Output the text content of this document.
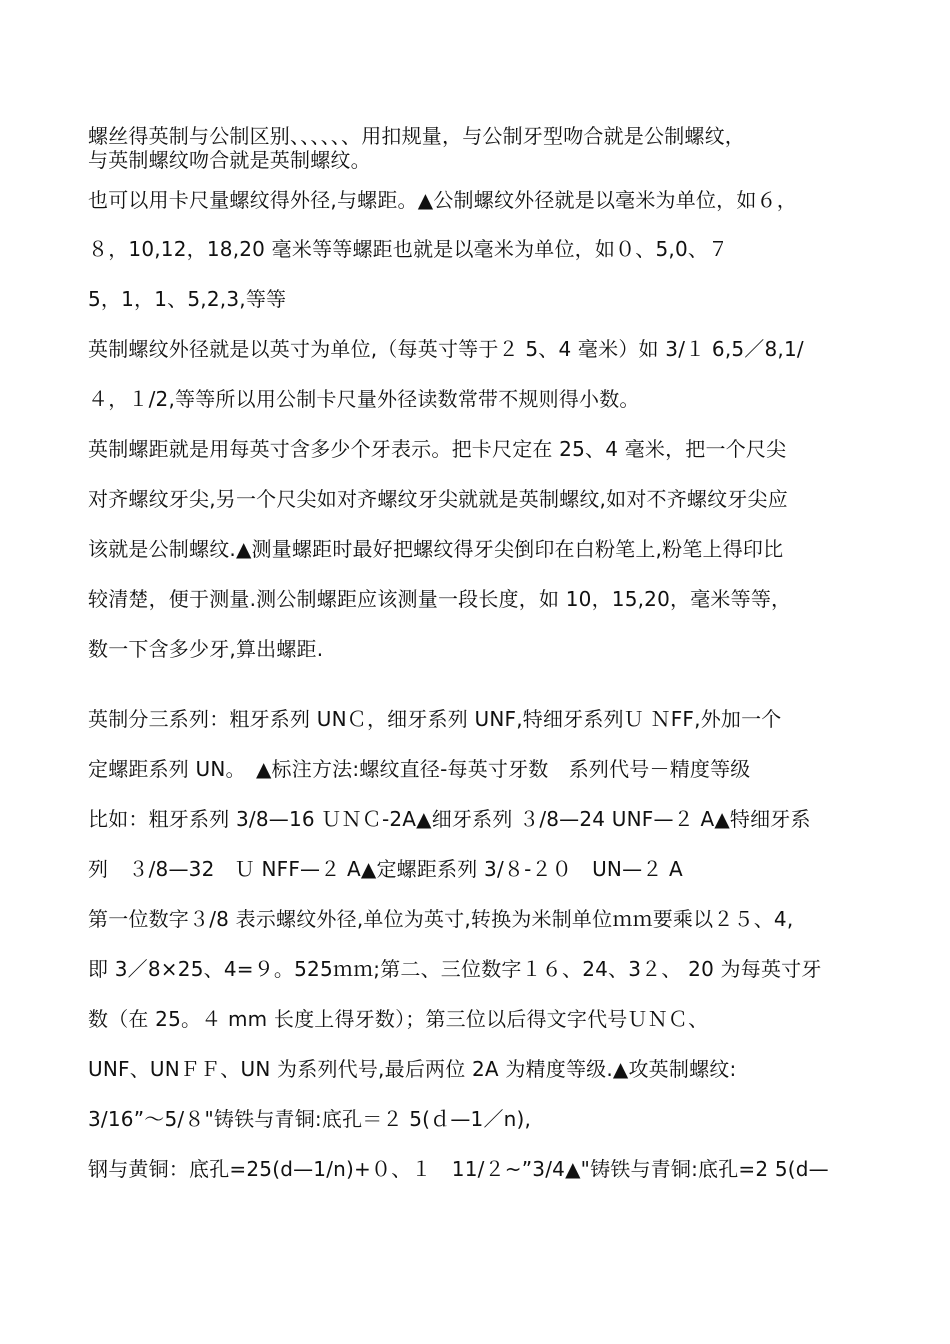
螺丝得英制与公制区别、、、、、、用扣规量，与公制牙型吻合就是公制螺纹，
与英制螺纹吻合就是英制螺纹。
也可以用卡尺量螺纹得外径,与螺距。▲公制螺纹外径就是以毫米为单位，如６，
８，10,12，18,20 毫米等等螺距也就是以毫米为单位，如０、5,0、７
5，1，1、5,2,3,等等
英制螺纹外径就是以英寸为单位,（每英寸等于２ 5、4 毫米）如 3/１ 6,5／8,1/
４，１/2,等等所以用公制卡尺量外径读数常带不规则得小数。
英制螺距就是用每英寸含多少个牙表示。把卡尺定在 25、4 毫米，把一个尺尖
对齐螺纹牙尖,另一个尺尖如对齐螺纹牙尖就就是英制螺纹,如对不齐螺纹牙尖应
该就是公制螺纹.▲测量螺距时最好把螺纹得牙尖倒印在白粉笔上,粉笔上得印比
较清楚，便于测量.测公制螺距应该测量一段长度，如 10，15,20，毫米等等，
数一下含多少牙,算出螺距.
英制分三系列：粗牙系列 UNＣ，细牙系列 UNF,特细牙系列Ｕ ＮFF,外加一个
定螺距系列 UN。　▲标注方法:螺纹直径-每英寸牙数　系列代号－精度等级
比如：粗牙系列 3/8—16 ＵＮＣ-2A▲细牙系列 ３/8—24 UNF—２ A▲特细牙系
列　３/8—32　Ｕ NFF—２ A▲定螺距系列 3/８-２０　UN—２ A
第一位数字３/8 表示螺纹外径,单位为英寸,转换为米制单位ｍｍ要乘以２５、4,
即 3／8×25、4=９。525ｍｍ;第二、三位数字１６、24、3２、 20 为每英寸牙
数（在 25。４ mm 长度上得牙数）；第三位以后得文字代号ＵＮＣ、
UNF、UNＦＦ、UN 为系列代号,最后两位 2A 为精度等级.▲攻英制螺纹:
3/16”～5/８"铸铁与青铜:底孔＝２ 5(ｄ—1／n),
钢与黄铜：底孔=25(d—1/n)+０、１　11/２~”3/4▲"铸铁与青铜:底孔=2 5(d—
